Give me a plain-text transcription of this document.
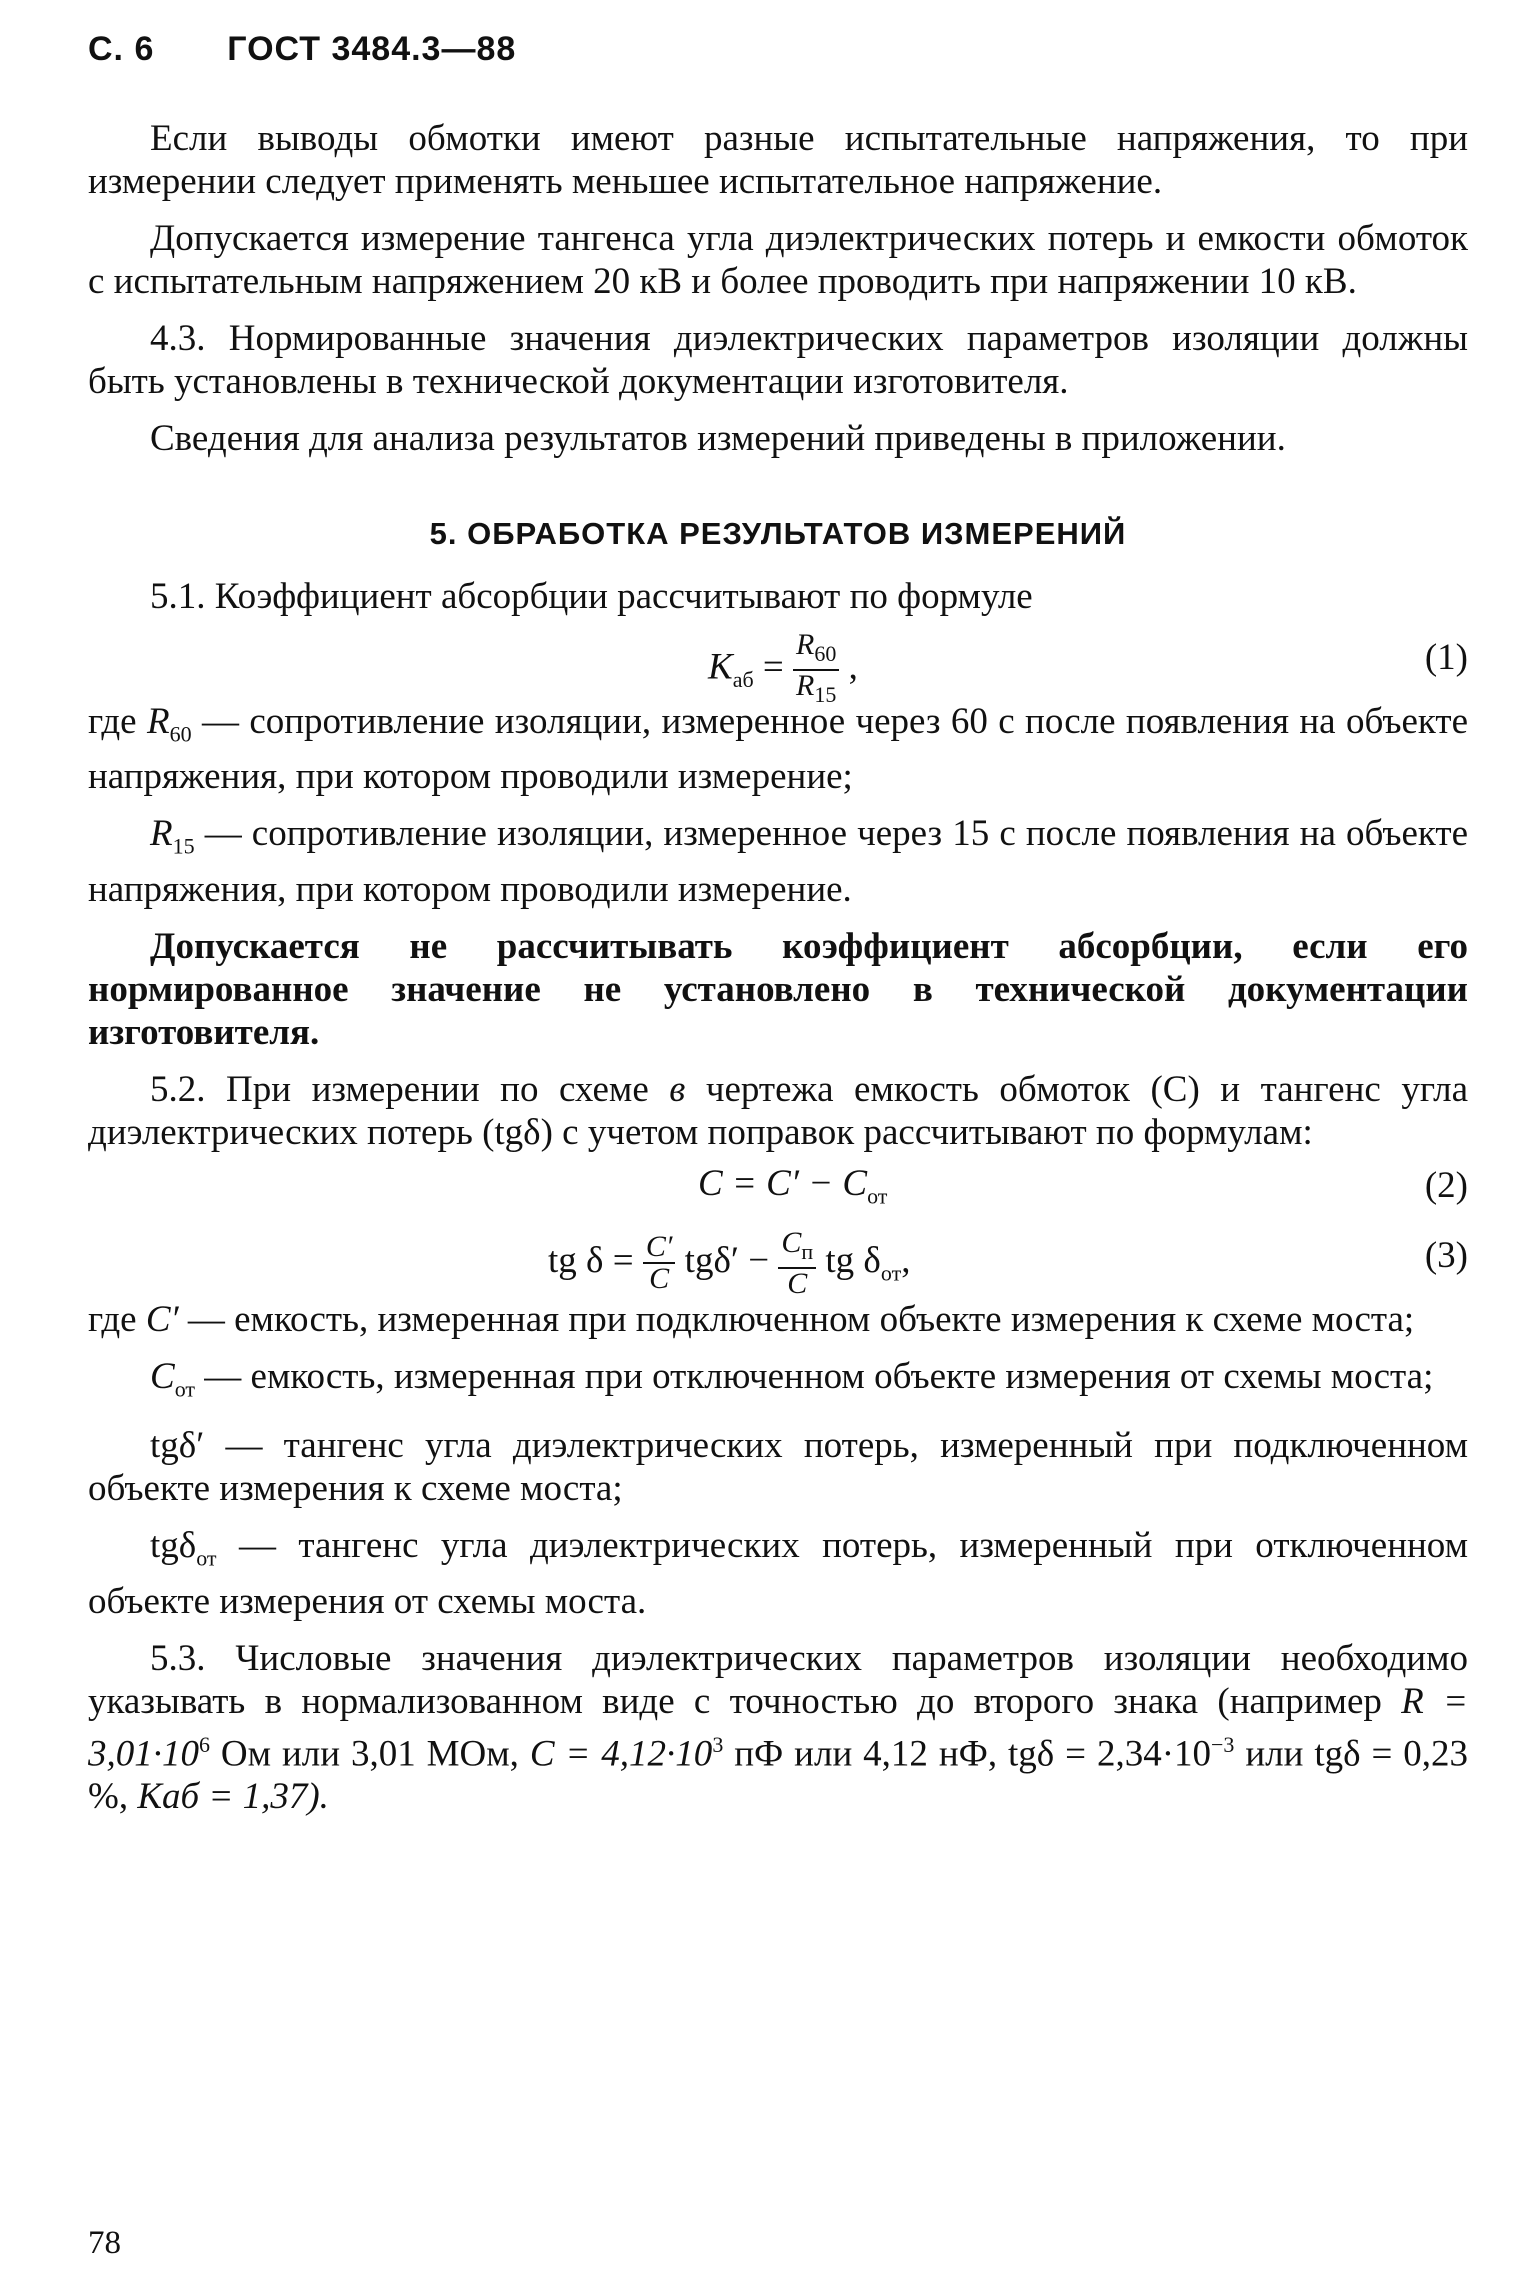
С. 6 ГОСТ 3484.3—88

Если выводы обмотки имеют разные испытательные напряжения, то при измерении следует применять меньшее испытательное напряжение.

Допускается измерение тангенса угла диэлектрических потерь и емкости обмоток с испытательным напряжением 20 кВ и более проводить при напряжении 10 кВ.

4.3. Нормированные значения диэлектрических параметров изоляции должны быть установлены в технической документации изготовителя.

Сведения для анализа результатов измерений приведены в приложении.

5. ОБРАБОТКА РЕЗУЛЬТАТОВ ИЗМЕРЕНИЙ

5.1. Коэффициент абсорбции рассчитывают по формуле

$K_{аб} = \frac{R_{60}}{R_{15}}$ ,	(1)

где $R_{60}$ — сопротивление изоляции, измеренное через 60 с после появления на объекте напряжения, при котором проводили измерение;

$R_{15}$ — сопротивление изоляции, измеренное через 15 с после появления на объекте напряжения, при котором проводили измерение.

Допускается не рассчитывать коэффициент абсорбции, если его нормированное значение не установлено в технической документации изготовителя.

5.2. При измерении по схеме в чертежа емкость обмоток (C) и тангенс угла диэлектрических потерь (tgδ) с учетом поправок рассчитывают по формулам:

$C = C' - C_{от}$	(2)
tg $\delta = \frac{C'}{C} tg\delta' - \frac{C_п}{C}$ tg $\delta_{от}$,	(3)

где C′ — емкость, измеренная при подключенном объекте измерения к схеме моста;

$C_{от}$ — емкость, измеренная при отключенном объекте измерения от схемы моста;

tgδ′ — тангенс угла диэлектрических потерь, измеренный при подключенном объекте измерения к схеме моста;

tgδ$_{от}$ — тангенс угла диэлектрических потерь, измеренный при отключенном объекте измерения от схемы моста.

5.3. Числовые значения диэлектрических параметров изоляции необходимо указывать в нормализованном виде с точностью до второго знака (например $R = 3,01\cdot 10^6$ Ом или 3,01 МОм, $C = 4,12\cdot 10^3$ пФ или 4,12 нФ, $tg\delta = 2,34\cdot 10^{-3}$ или tgδ = 0,23 %, Kаб = 1,37).

78
